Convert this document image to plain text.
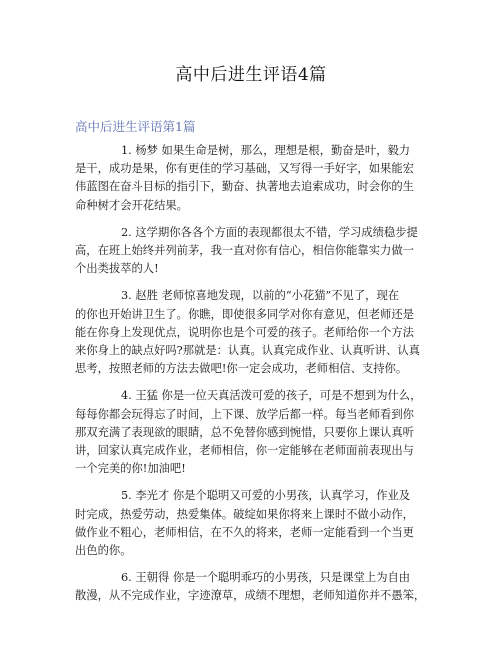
高中后进生评语4篇
高中后进生评语第1篇
1. 杨梦 如果生命是树，那么，理想是根，勤奋是叶，毅力
是干，成功是果，你有更佳的学习基础，又写得一手好字，如果能宏
伟蓝图在奋斗目标的指引下，勤奋、执著地去追索成功，时会你的生
命种树才会开花结果。
2. 这学期你各各个方面的表现都很太不错，学习成绩稳步提
高，在班上始终并列前茅，我一直对你有信心，相信你能靠实力做一
个出类拔萃的人!
3. 赵胜 老师惊喜地发现，以前的“小花猫”不见了，现在
的你也开始讲卫生了。你瞧，即使很多同学对你有意见，但老师还是
能在你身上发现优点，说明你也是个可爱的孩子。老师给你一个方法
来你身上的缺点好吗?那就是：认真。认真完成作业、认真听讲、认真
思考，按照老师的方法去做吧!你一定会成功，老师相信、支持你。
4. 王猛 你是一位天真活泼可爱的孩子，可是不想到为什么，
每每你都会玩得忘了时间，上下课、放学后都一样。每当老师看到你
那双充满了表现欲的眼睛，总不免替你感到惋惜，只要你上课认真听
讲，回家认真完成作业，老师相信，你一定能够在老师面前表现出与
一个完美的你!加油吧!
5. 李光才 你是个聪明又可爱的小男孩，认真学习，作业及
时完成，热爱劳动，热爱集体。破绽如果你将来上课时不做小动作，
做作业不粗心，老师相信，在不久的将来，老师一定能看到一个当更
出色的你。
6. 王朝得 你是一个聪明乖巧的小男孩，只是课堂上为自由
散漫，从不完成作业，字迹潦草，成绩不理想，老师知道你并不愚笨，
